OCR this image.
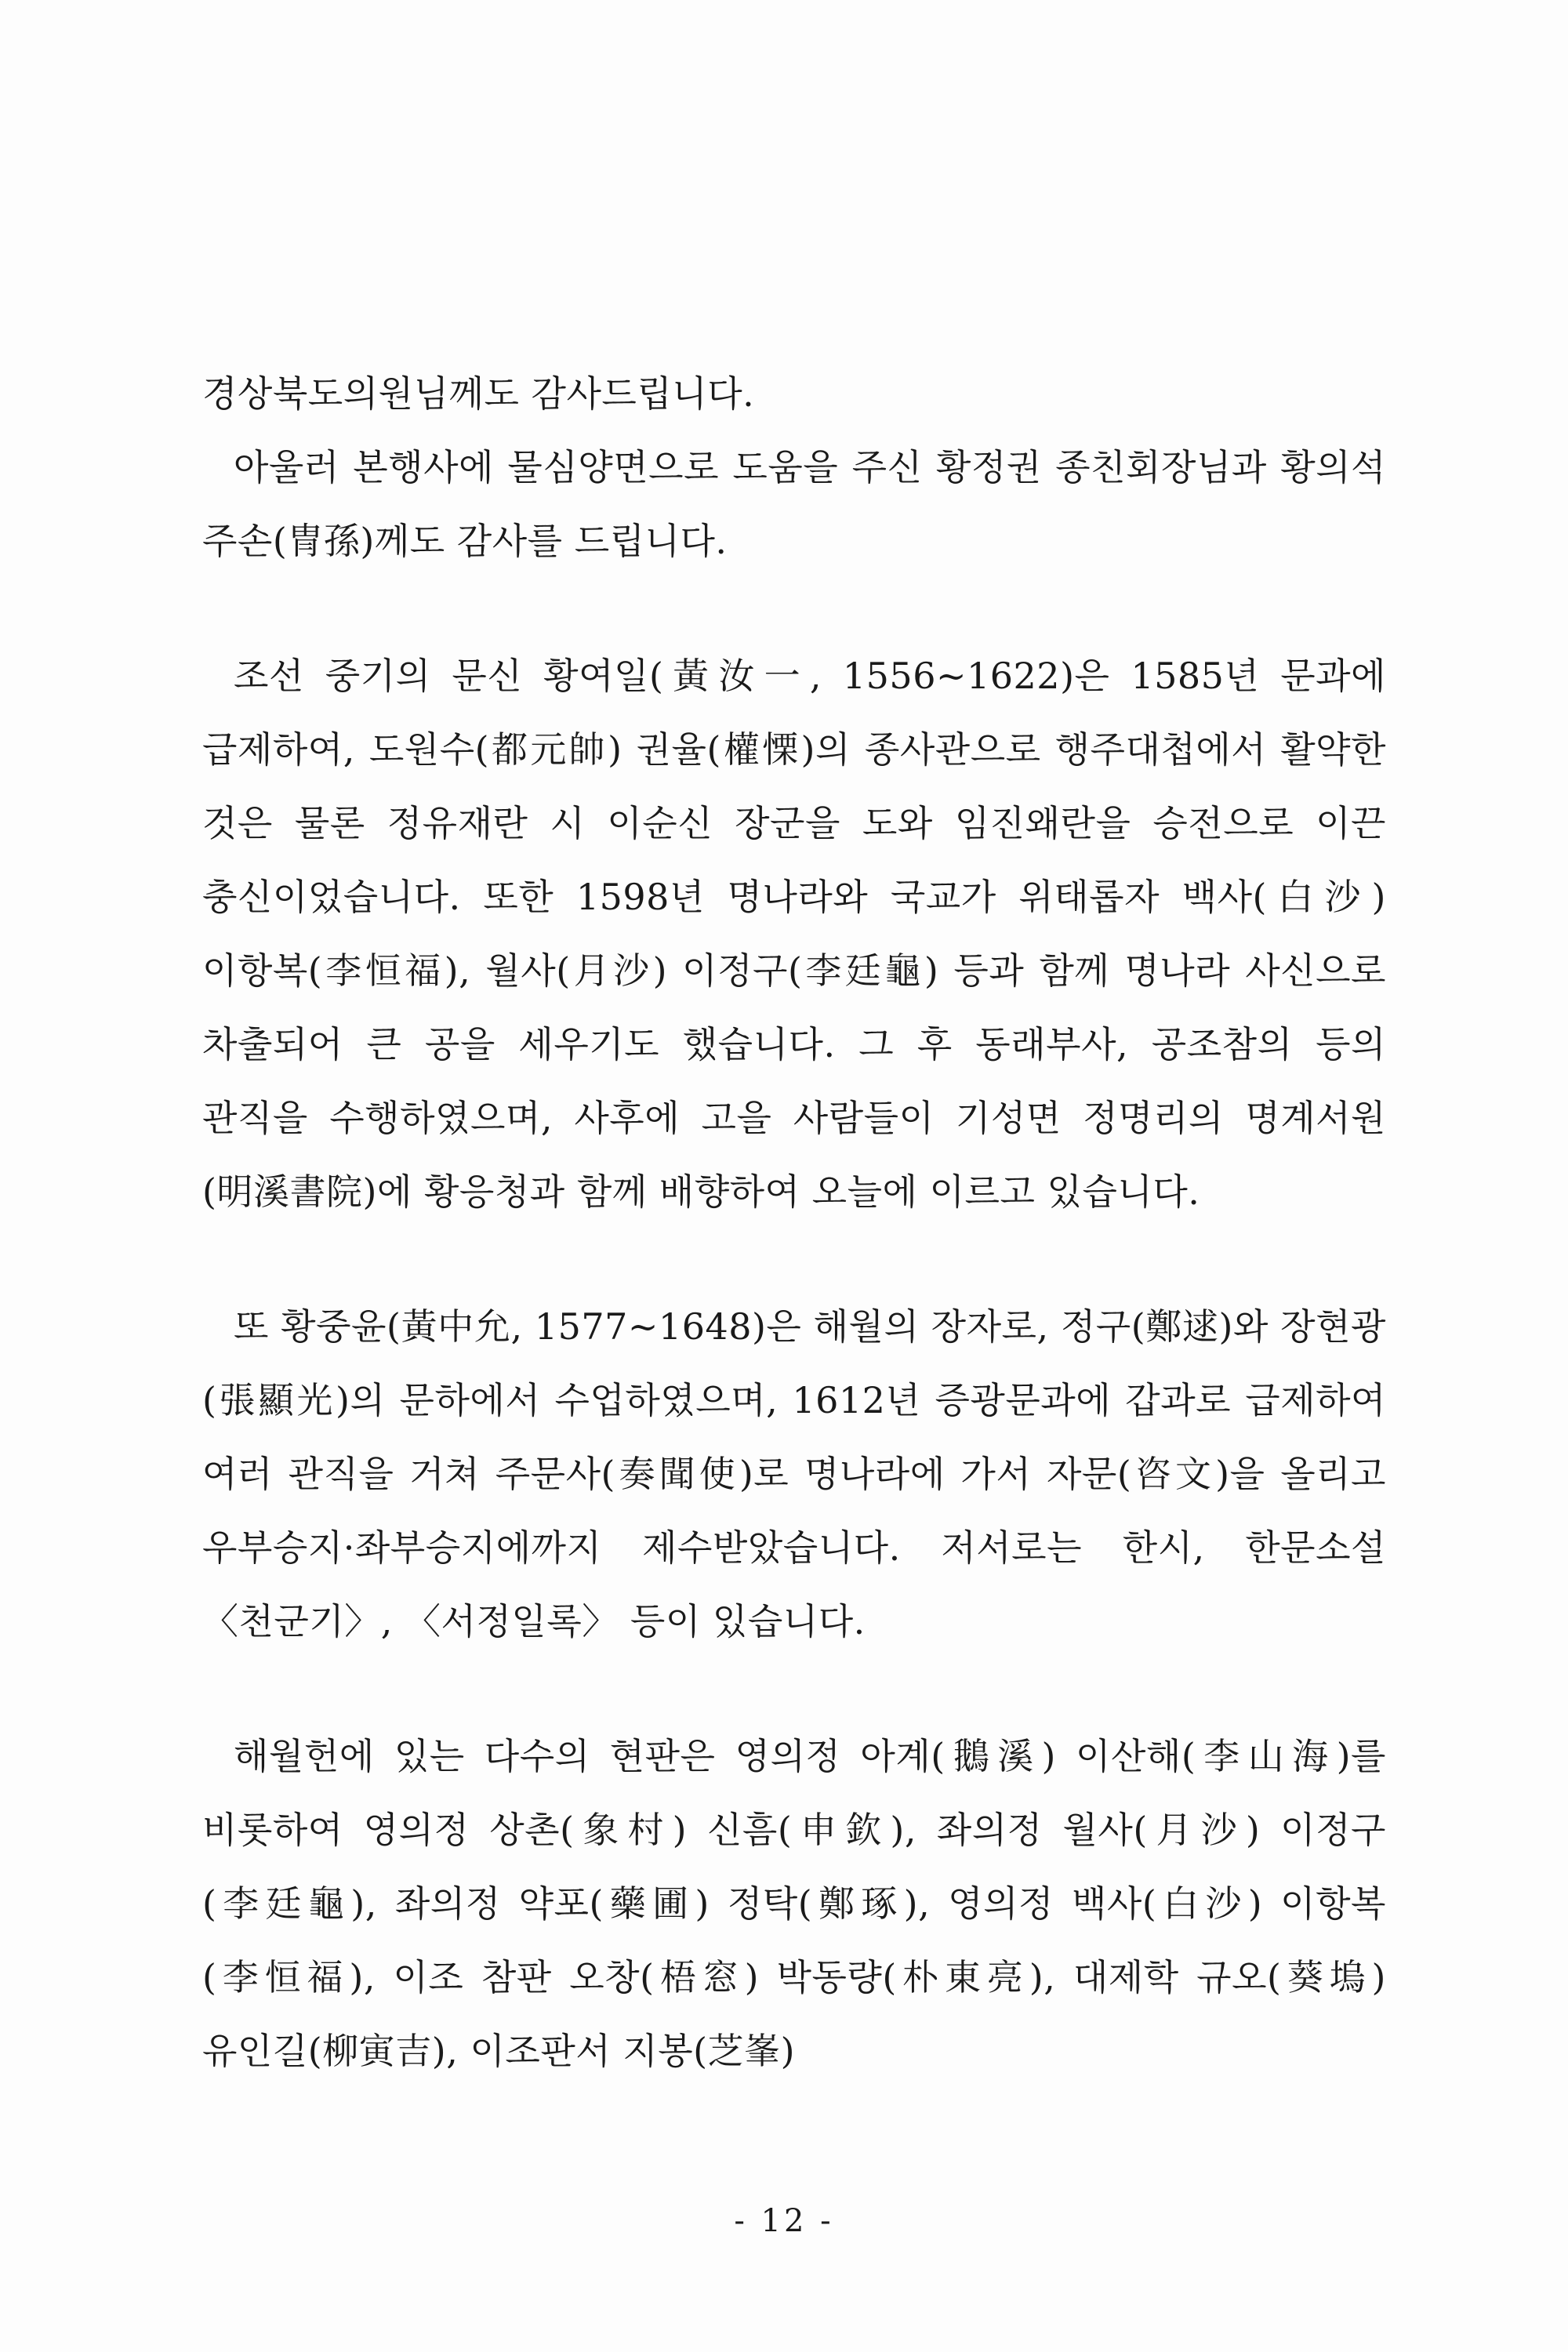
경상북도의원님께도 감사드립니다.

아울러 본행사에 물심양면으로 도움을 주신 황정권 종친회장님과 황의석 주손(冑孫)께도 감사를 드립니다.

조선 중기의 문신 황여일(黃汝一, 1556~1622)은 1585년 문과에 급제하여, 도원수(都元帥) 권율(權慄)의 종사관으로 행주대첩에서 활약한 것은 물론 정유재란 시 이순신 장군을 도와 임진왜란을 승전으로 이끈 충신이었습니다. 또한 1598년 명나라와 국교가 위태롭자 백사(白沙) 이항복(李恒福), 월사(月沙) 이정구(李廷龜) 등과 함께 명나라 사신으로 차출되어 큰 공을 세우기도 했습니다. 그 후 동래부사, 공조참의 등의 관직을 수행하였으며, 사후에 고을 사람들이 기성면 정명리의 명계서원(明溪書院)에 황응청과 함께 배향하여 오늘에 이르고 있습니다.

또 황중윤(黃中允, 1577~1648)은 해월의 장자로, 정구(鄭逑)와 장현광(張顯光)의 문하에서 수업하였으며, 1612년 증광문과에 갑과로 급제하여 여러 관직을 거쳐 주문사(奏聞使)로 명나라에 가서 자문(咨文)을 올리고 우부승지·좌부승지에까지 제수받았습니다. 저서로는 한시, 한문소설 〈천군기〉, 〈서정일록〉 등이 있습니다.

해월헌에 있는 다수의 현판은 영의정 아계(鵝溪) 이산해(李山海)를 비롯하여 영의정 상촌(象村) 신흠(申欽), 좌의정 월사(月沙) 이정구(李廷龜), 좌의정 약포(藥圃) 정탁(鄭琢), 영의정 백사(白沙) 이항복(李恒福), 이조 참판 오창(梧窓) 박동량(朴東亮), 대제학 규오(葵塢) 유인길(柳寅吉), 이조판서 지봉(芝峯)

- 12 -
